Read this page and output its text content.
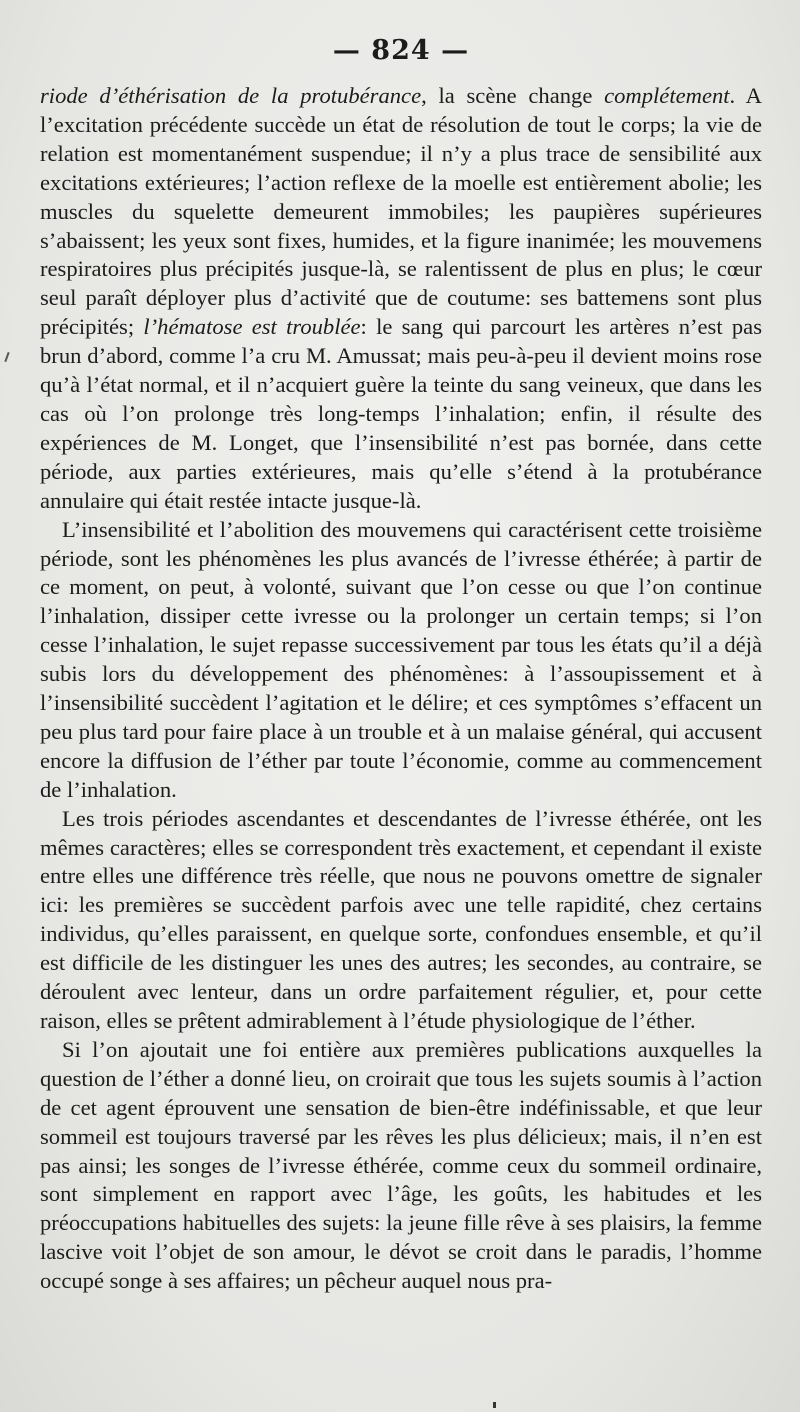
— 824 —

riode d’éthérisation de la protubérance, la scène change complétement. A l’excitation précédente succède un état de résolution de tout le corps; la vie de relation est momentanément suspendue; il n’y a plus trace de sensibilité aux excitations extérieures; l’action reflexe de la moelle est entièrement abolie; les muscles du squelette demeurent immobiles; les paupières supérieures s’abaissent; les yeux sont fixes, humides, et la figure inanimée; les mouvemens respiratoires plus précipités jusque-là, se ralentissent de plus en plus; le cœur seul paraît déployer plus d’activité que de coutume: ses battemens sont plus précipités; l’hématose est troublée: le sang qui parcourt les artères n’est pas brun d’abord, comme l’a cru M. Amussat; mais peu-à-peu il devient moins rose qu’à l’état normal, et il n’acquiert guère la teinte du sang veineux, que dans les cas où l’on prolonge très long-temps l’inhalation; enfin, il résulte des expériences de M. Longet, que l’insensibilité n’est pas bornée, dans cette période, aux parties extérieures, mais qu’elle s’étend à la protubérance annulaire qui était restée intacte jusque-là.

L’insensibilité et l’abolition des mouvemens qui caractérisent cette troisième période, sont les phénomènes les plus avancés de l’ivresse éthérée; à partir de ce moment, on peut, à volonté, suivant que l’on cesse ou que l’on continue l’inhalation, dissiper cette ivresse ou la prolonger un certain temps; si l’on cesse l’inhalation, le sujet repasse successivement par tous les états qu’il a déjà subis lors du développement des phénomènes: à l’assoupissement et à l’insensibilité succèdent l’agitation et le délire; et ces symptômes s’effacent un peu plus tard pour faire place à un trouble et à un malaise général, qui accusent encore la diffusion de l’éther par toute l’économie, comme au commencement de l’inhalation.

Les trois périodes ascendantes et descendantes de l’ivresse éthérée, ont les mêmes caractères; elles se correspondent très exactement, et cependant il existe entre elles une différence très réelle, que nous ne pouvons omettre de signaler ici: les premières se succèdent parfois avec une telle rapidité, chez certains individus, qu’elles paraissent, en quelque sorte, confondues ensemble, et qu’il est difficile de les distinguer les unes des autres; les secondes, au contraire, se déroulent avec lenteur, dans un ordre parfaitement régulier, et, pour cette raison, elles se prêtent admirablement à l’étude physiologique de l’éther.

Si l’on ajoutait une foi entière aux premières publications auxquelles la question de l’éther a donné lieu, on croirait que tous les sujets soumis à l’action de cet agent éprouvent une sensation de bien-être indéfinissable, et que leur sommeil est toujours traversé par les rêves les plus délicieux; mais, il n’en est pas ainsi; les songes de l’ivresse éthérée, comme ceux du sommeil ordinaire, sont simplement en rapport avec l’âge, les goûts, les habitudes et les préoccupations habituelles des sujets: la jeune fille rêve à ses plaisirs, la femme lascive voit l’objet de son amour, le dévot se croit dans le paradis, l’homme occupé songe à ses affaires; un pêcheur auquel nous pra-
